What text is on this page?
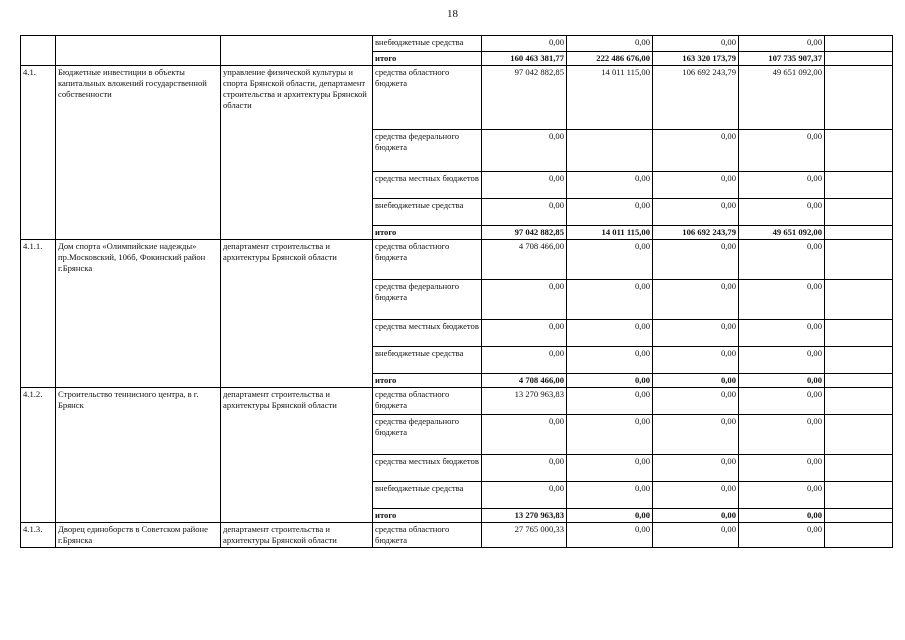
18
			внебюджетные средства	0,00	0,00	0,00	0,00	
			итого	160 463 381,77	222 486 676,00	163 320 173,79	107 735 907,37	
4.1.	Бюджетные инвестиции в объекты капитальных вложений государственной собственности	управление физической культуры и спорта Брянской области, департамент строительства и архитектуры Брянской области	средства областного бюджета	97 042 882,85	14 011 115,00	106 692 243,79	49 651 092,00	
			средства федерального бюджета	0,00		0,00	0,00	
			средства местных бюджетов	0,00	0,00	0,00	0,00	
			внебюджетные средства	0,00	0,00	0,00	0,00	
			итого	97 042 882,85	14 011 115,00	106 692 243,79	49 651 092,00	
4.1.1.	Дом спорта «Олимпийские надежды» пр.Московский, 106б, Фокинский район г.Брянска	департамент строительства и архитектуры Брянской области	средства областного бюджета	4 708 466,00	0,00	0,00	0,00	
			средства федерального бюджета	0,00	0,00	0,00	0,00	
			средства местных бюджетов	0,00	0,00	0,00	0,00	
			внебюджетные средства	0,00	0,00	0,00	0,00	
			итого	4 708 466,00	0,00	0,00	0,00	
4.1.2.	Строительство теннисного центра, в г. Брянск	департамент строительства и архитектуры Брянской области	средства областного бюджета	13 270 963,83	0,00	0,00	0,00	
			средства федерального бюджета	0,00	0,00	0,00	0,00	
			средства местных бюджетов	0,00	0,00	0,00	0,00	
			внебюджетные средства	0,00	0,00	0,00	0,00	
			итого	13 270 963,83	0,00	0,00	0,00	
4.1.3.	Дворец единоборств в Советском районе г.Брянска	департамент строительства и архитектуры Брянской области	средства областного бюджета	27 765 000,33	0,00	0,00	0,00	
